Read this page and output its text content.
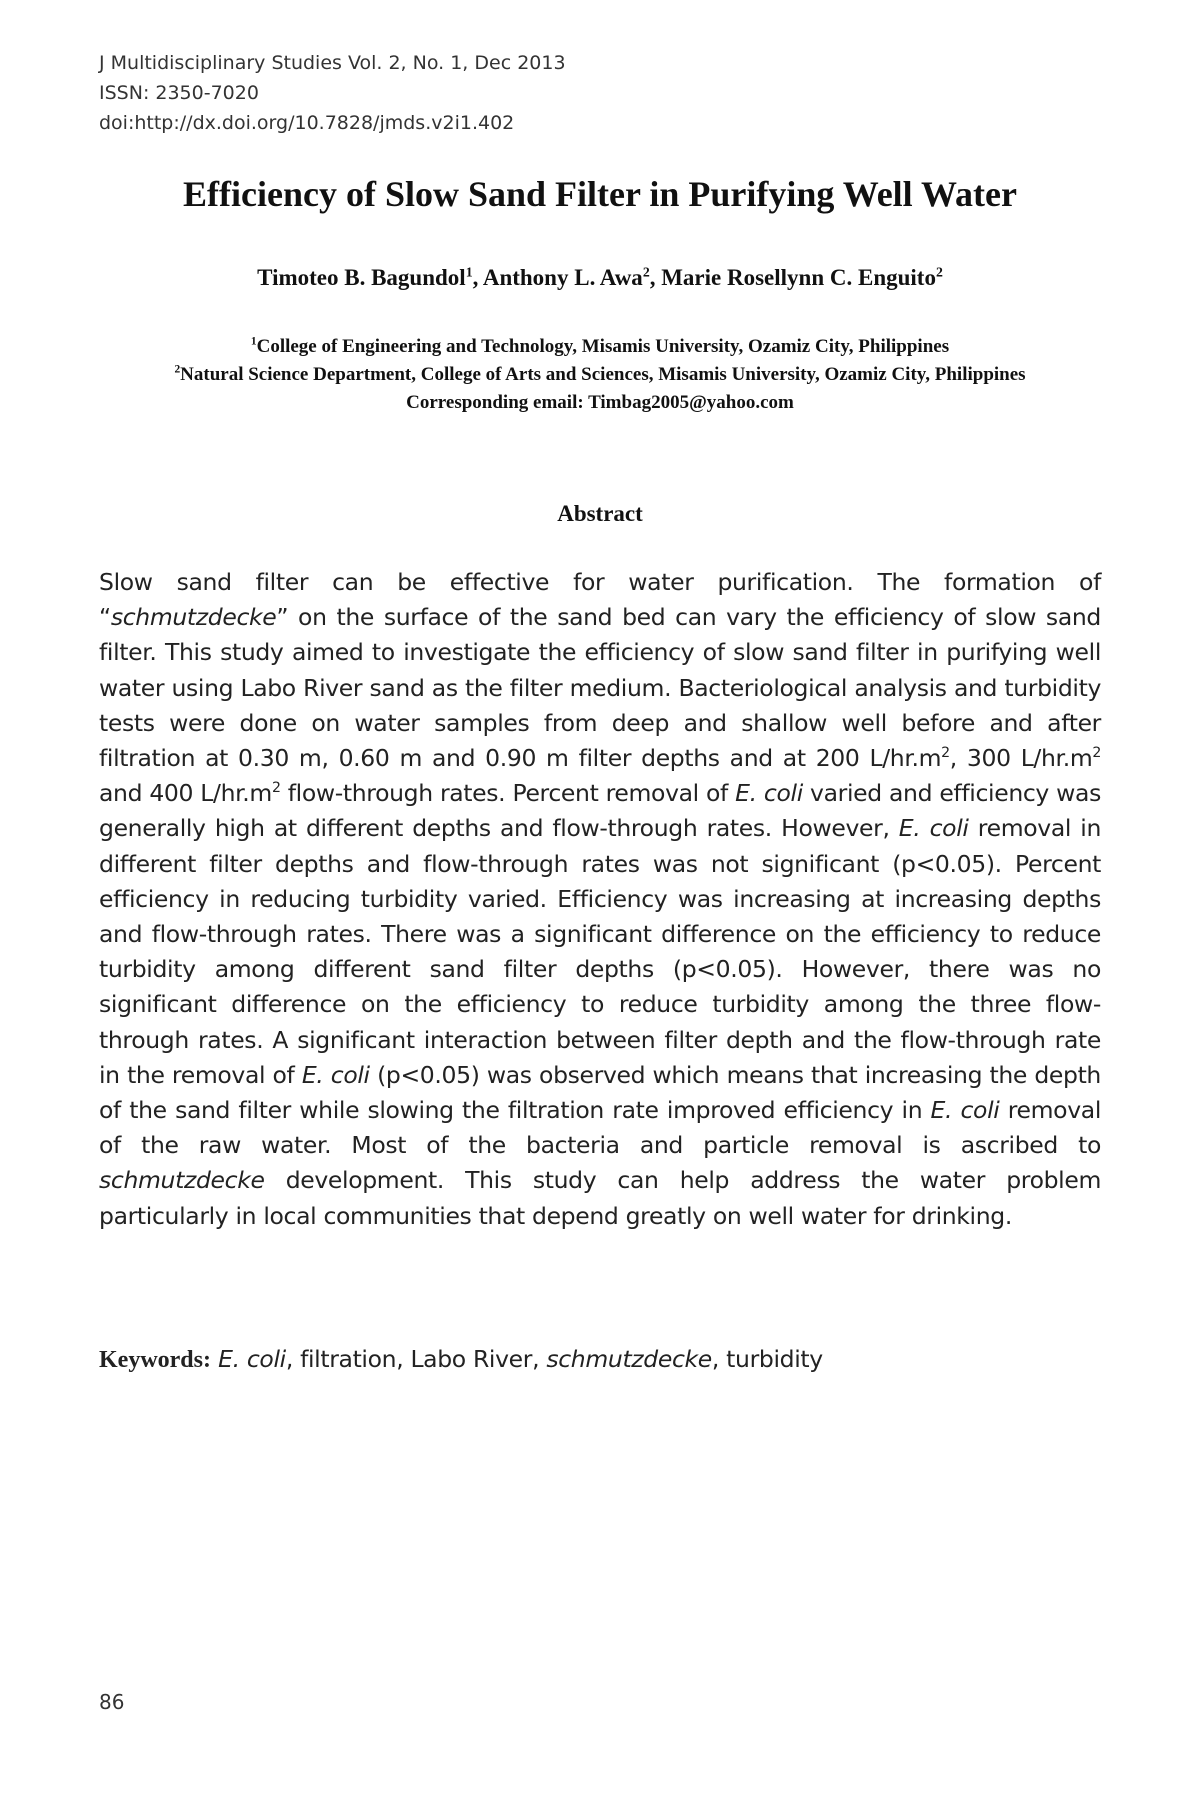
J Multidisciplinary Studies Vol. 2, No. 1, Dec 2013
ISSN: 2350-7020
doi:http://dx.doi.org/10.7828/jmds.v2i1.402
Efficiency of Slow Sand Filter in Purifying Well Water
Timoteo B. Bagundol$^1$, Anthony L. Awa$^2$, Marie Rosellynn C. Enguito$^2$
$^1$College of Engineering and Technology, Misamis University, Ozamiz City, Philippines
$^2$Natural Science Department, College of Arts and Sciences, Misamis University, Ozamiz City, Philippines
Corresponding email: Timbag2005@yahoo.com
Abstract
Slow sand filter can be effective for water purification. The formation of “schmutzdecke” on the surface of the sand bed can vary the efficiency of slow sand filter. This study aimed to investigate the efficiency of slow sand filter in purifying well water using Labo River sand as the filter medium. Bacteriological analysis and turbidity tests were done on water samples from deep and shallow well before and after filtration at 0.30 m, 0.60 m and 0.90 m filter depths and at 200 $L/hr.m^2$, 300 $L/hr.m^2$ and 400 $L/hr.m^2$ flow-through rates. Percent removal of E. coli varied and efficiency was generally high at different depths and flow-through rates. However, E. coli removal in different filter depths and flow-through rates was not significant (p<0.05). Percent efficiency in reducing turbidity varied. Efficiency was increasing at increasing depths and flow-through rates. There was a significant difference on the efficiency to reduce turbidity among different sand filter depths (p<0.05). However, there was no significant difference on the efficiency to reduce turbidity among the three flow-through rates. A significant interaction between filter depth and the flow-through rate in the removal of E. coli (p<0.05) was observed which means that increasing the depth of the sand filter while slowing the filtration rate improved efficiency in E. coli removal of the raw water. Most of the bacteria and particle removal is ascribed to schmutzdecke development. This study can help address the water problem particularly in local communities that depend greatly on well water for drinking.
Keywords: E. coli, filtration, Labo River, schmutzdecke, turbidity
86
